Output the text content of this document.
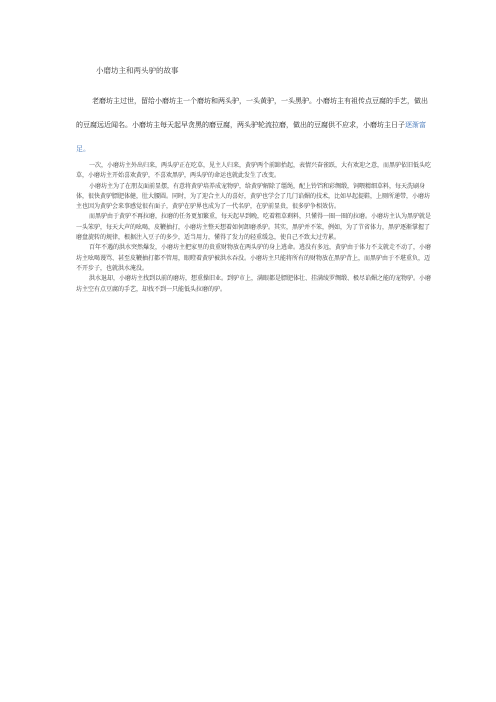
小磨坊主和两头驴的故事
老磨坊主过世，留给小磨坊主一个磨坊和两头驴，一头黄驴，一头黑驴。小磨坊主有祖传点豆腐的手艺，做出的豆腐远近闻名。小磨坊主每天起早贪黑的磨豆腐，两头驴轮流拉磨，做出的豆腐供不应求，小磨坊主日子逐渐富足。

一次，小磨坊主外出归来，两头驴正在吃草，见主人归来，黄驴两个前蹄抬起，表情兴奋雀跃，大有欢迎之意，而黑驴依旧低头吃草，小磨坊主开始喜欢黄驴，不喜欢黑驴，两头驴的命运也就此发生了改变。

小磨坊主为了在朋友面前显摆，有意将黄驴培养成宠物驴，给黄驴解除了缰绳，配上铃铛和彩绸缎，饲喂精细草料，每天洗刷身体，很快黄驴膘肥体健，肚大腰圆。同时，为了迎合主人的喜好，黄驴也学会了几门谄媚的技术，比如早起提鞋，上厕所递带，小磨坊主也因为黄驴会来事感觉很有面子，黄驴在驴界也成为了一代名驴，在驴前显贵，很多驴争相效仿。

而黑驴由于黄驴不再拉磨，拉磨的任务更加繁重，每天起早到晚，吃着粗草剩料，只懂得一圈一圈的拉磨。小磨坊主认为黑驴就是一头笨驴，每天大声的吆喝，皮鞭抽打，小磨坊主整天想着如何卸磨杀驴。其实，黑驴并不笨，例如，为了节省体力，黑驴逐渐掌握了磨盘旋转的规律，根据注入豆子的多少，适当用力，懂得了发力的轻重缓急，使自己不致太过劳累。

百年不遇的洪水突然爆发，小磨坊主把家里的贵重财物放在两头驴的身上逃命。逃没有多远，黄驴由于体力不支就走不动了，小磨坊主吆喝谩骂、甚至皮鞭抽打都不管用，眼瞪着黄驴被洪水吞没。小磨坊主只能将所有的财物放在黑驴背上，而黑驴由于不堪重负，迈不开步子，也就洪水淹没。

洪水退却，小磨坊主找到以前的磨坊，想重操旧业。到驴市上，满眼都是膘肥体壮、挂满绫罗绸缎、极尽谄媚之能的宠物驴。小磨坊主空有点豆腐的手艺，却找不到一只能低头拉磨的驴。
